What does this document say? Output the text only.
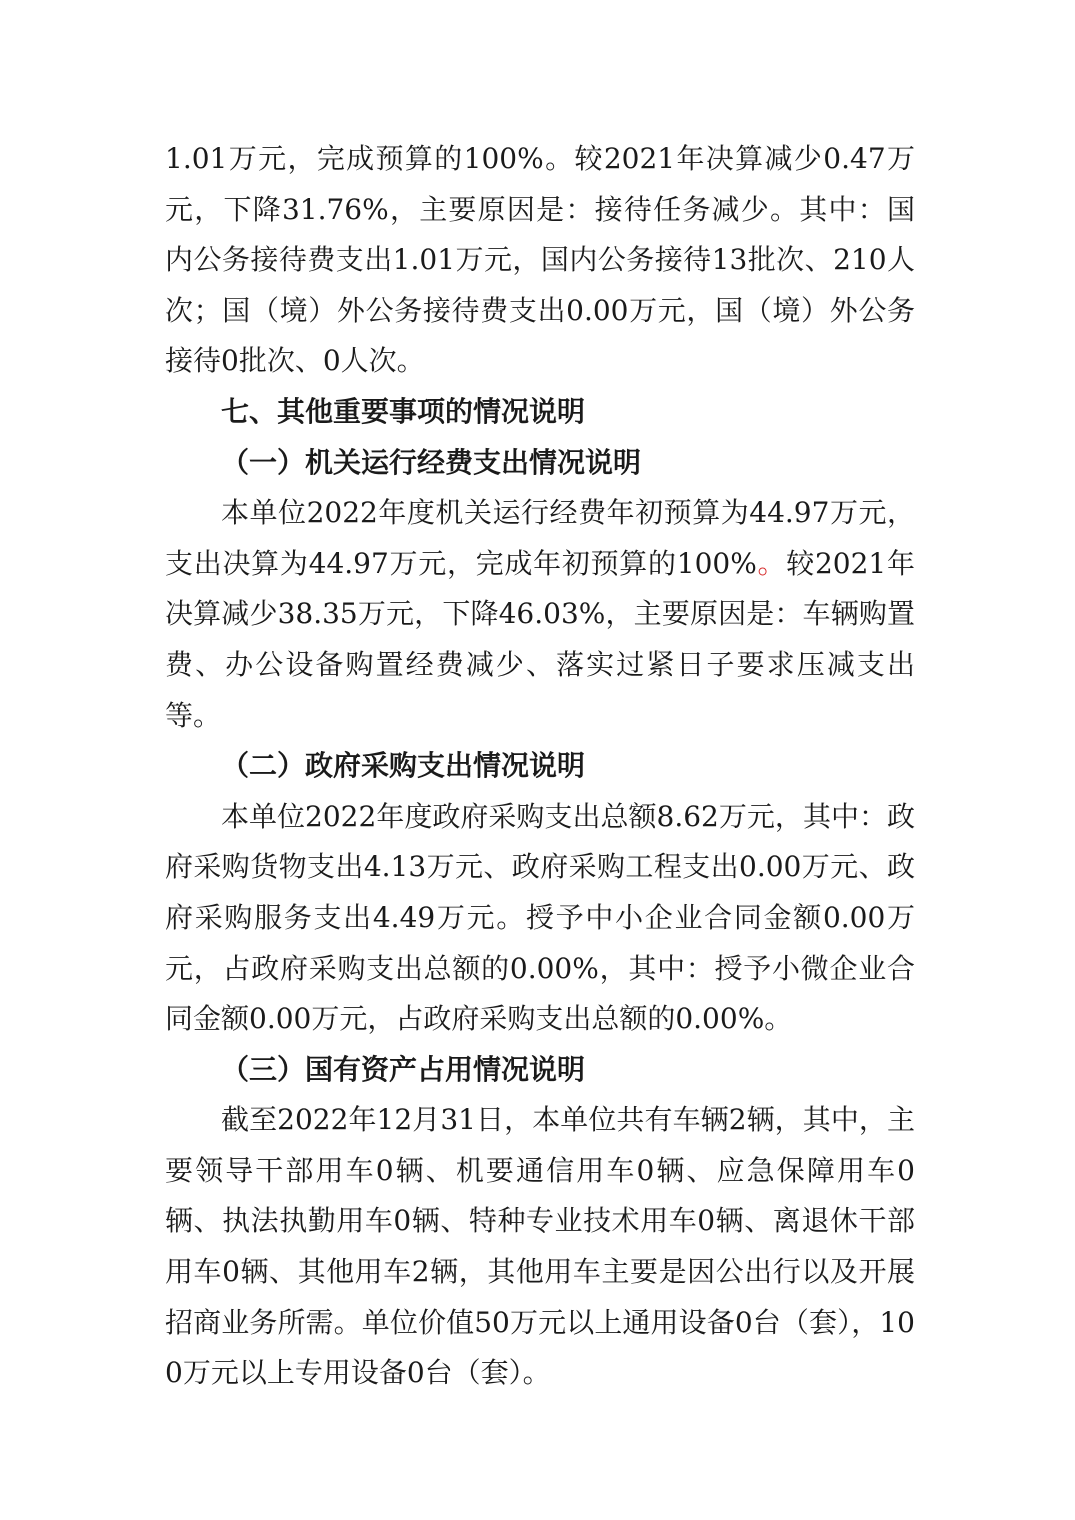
1.01万元，完成预算的100%。较2021年决算减少0.47万元，下降31.76%，主要原因是：接待任务减少。其中：国内公务接待费支出1.01万元，国内公务接待13批次、210人次；国（境）外公务接待费支出0.00万元，国（境）外公务接待0批次、0人次。

七、其他重要事项的情况说明

（一）机关运行经费支出情况说明

本单位2022年度机关运行经费年初预算为44.97万元，支出决算为44.97万元，完成年初预算的100%。较2021年决算减少38.35万元，下降46.03%，主要原因是：车辆购置费、办公设备购置经费减少、落实过紧日子要求压减支出等。

（二）政府采购支出情况说明

本单位2022年度政府采购支出总额8.62万元，其中：政府采购货物支出4.13万元、政府采购工程支出0.00万元、政府采购服务支出4.49万元。授予中小企业合同金额0.00万元，占政府采购支出总额的0.00%，其中：授予小微企业合同金额0.00万元，占政府采购支出总额的0.00%。

（三）国有资产占用情况说明

截至2022年12月31日，本单位共有车辆2辆，其中，主要领导干部用车0辆、机要通信用车0辆、应急保障用车0辆、执法执勤用车0辆、特种专业技术用车0辆、离退休干部用车0辆、其他用车2辆，其他用车主要是因公出行以及开展招商业务所需。单位价值50万元以上通用设备0台（套），100万元以上专用设备0台（套）。
